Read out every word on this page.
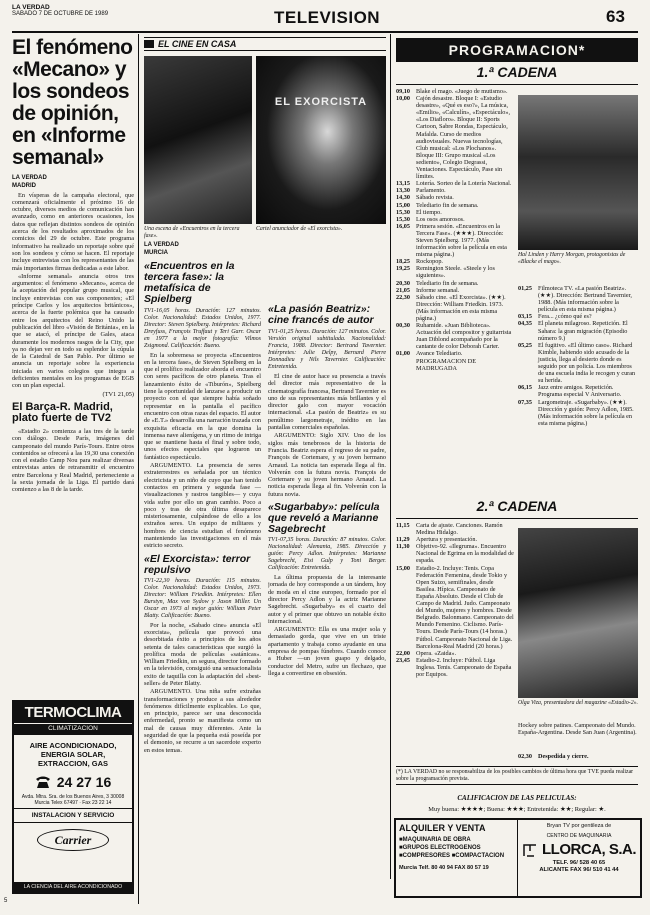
LA VERDAD
SABADO 7 DE OCTUBRE DE 1989	TELEVISION	63
El fenómeno «Mecano» y los sondeos de opinión, en «Informe semanal»
LA VERDAD
MADRID

En vísperas de la campaña electoral, que comenzará oficialmente el próximo 16 de octubre, diversos medios de comunicación han avanzado, como en anteriores ocasiones, los datos que reflejan distintos sondeos de opinión acerca de los resultados aproximados de los comicios del 29 de octubre. Este programa informativo ha realizado un reportaje sobre qué son los sondeos y cómo se hacen. El reportaje incluye entrevistas con los representantes de las más importantes firmas dedicadas a este labor.

«Informe semanal» anuncia otros tres argumentos: el fenómeno «Mecano», acerca de la aceptación del popular grupo musical, que incluye entrevistas con sus componentes; «El príncipe Carlos y los arquitectos británicos», acerca de la fuerte polémica que ha causado entre los arquitectos del Reino Unido la publicación del libro «Visión de Británia», en la que se atacó, el príncipe de Gales, ataca duramente los modernos rasgos de la City, que ya no dejan ver en todo su esplendor la cúpula de la Catedral de San Pablo. Por último se anuncia un reportaje sobre la experiencia iniciada en varios colegios que integra a deficientes mentales en los programas de EGB con un plan especial.

(TV1 21,05)
El Barça-R. Madrid, plato fuerte de TV2

«Estadio 2» comienza a las tres de la tarde con diálogo. Desde París, imágenes del campeonato del mundo París-Tours. Entre otros contenidos se ofrecerá a las 19,30 una conexión con el estadio Camp Nou para realizar diversas entrevistas antes de retransmitir el encuentro entre Barcelona y Real Madrid, perteneciente a la sexta jornada de la Liga. El partido dará comienzo a las 8 de la tarde.

TERMOCLIMA
CLIMATIZACION
AIRE ACONDICIONADO, ENERGIA SOLAR, EXTRACCION, GAS
24 27 16
Avda. Mtra. Sra. de los Buenos Aires, 3 30008 Murcia Telex 67497 · Fax 23 22 14
INSTALACION Y SERVICIO
Carrier
LA CIENCIA DEL AIRE ACONDICIONADO
EL CINE EN CASA
EL EXORCISTA
Una escena de «Encuentros en la tercera fase».
Cartel anunciador de «El exorcista».
LA VERDAD
MURCIA
«Encuentros en la tercera fase»: la metafísica de Spielberg
TV1-16,05 horas. Duración: 127 minutos. Color. Nacionalidad: Estados Unidos, 1977. Director: Steven Spielberg. Intérpretes: Richard Dreyfuss, François Truffaut y Teri Garr. Oscar en 1977 a la mejor fotografía: Vilmos Zsigmond. Calificación: Bueno.

En la sobremesa se proyecta «Encuentros en la tercera fase», de Steven Spielberg en la que el prolífico realizador aborda el encuentro con seres pacíficos de otro planeta. Tras el lanzamiento éxito de «Tiburón», Spielberg tiene la oportunidad de lanzarse a producir un proyecto con el que siempre había soñado representar en la pantalla el pacífico encuentro con otras razas del espacio. El autor de «E.T.» desarrolla una narración trazada con exquisita eficacia en la que domina la inmensa nave alienígena, y un ritmo de intriga que se mantiene hasta el final y sobre todo, unos efectos especiales que lograron un fantástico espectáculo.

ARGUMENTO. La presencia de seres extraterrestres es señalada por un técnico electricista y un niño de cuyo que han tenido contactos en primera y segunda fase —visualizaciones y rastros tangibles— y cuya vida sufre por ello un gran cambio. Poco a poco y tras de otra última desaparece misteriosamente, culpándose de ello a los extraños seres. Un equipo de militares y hombres de ciencia estudian el fenómeno manteniendo las investigaciones en el más estricto secreto.

«El Exorcista»: terror repulsivo
TV1-22,30 horas. Duración: 115 minutos. Color. Nacionalidad: Estados Unidos, 1973. Director: William Friedkin. Intérpretes: Ellen Burstyn, Max von Sydow y Jason Miller. Un Oscar en 1973 al mejor guión: William Peter Blatty. Calificación: Bueno.

Por la noche, «Sabado cine» anuncia «El exorcista», película que provocó una desorbitada éxito a principios de los años setenta de tales características que surgió la prolífica moda de películas «satánicas». William Friedkin, un segura, director formado en la televisión, consiguió una sensacionalista exito de taquilla con la adaptación del «best-seller» de Peter Blatty.

ARGUMENTO. Una niña sufre extrañas transformaciones y produce a sus alrededor fenómenos difícilmente explicables. Lo que, en principio, parece ser una desconocida enfermedad, pronto se manifiesta como un mal de causas muy diferentes. Ante la seguridad de que la pequeña está poseída por el demonio, se recurre a un sacerdote experto en estos temas.

«La pasión Beatriz»: cine francés de autor
TV1-01,25 horas. Duración: 127 minutos. Color. Versión original subtitulada. Nacionalidad: Francia, 1988. Director: Bertrand Tavernier. Intérpretes: Julie Delpy, Bernard Pierre Donnadieu y Nils Tavernier. Calificación: Entretenida.

El cine de autor hace su presencia a través del director más representativo de la cinematografía francesa, Bertrand Tavernier es uno de sus representantes más brillantes y el director galo con mayor vocación internacional. «La pasión de Beatriz» es su penúltimo largometraje, inédito en las pantallas comerciales españolas.

ARGUMENTO: Siglo XIV. Uno de los siglos más tenebrosos de la historia de Francia. Beatriz espera el regreso de su padre, François de Cortemare, y su joven hermano Arnaud. La noticia tan esperada llega al fin. Volverán con la futura novia. François de Cortemare y su joven hermano Arnaud. La noticia esperada llega al fin. Volverán con la futura novia.

«Sugarbaby»: película que reveló a Marianne Sagebrecht
TV1-07,35 horas. Duración: 87 minutos. Color. Nacionalidad: Alemania, 1985. Dirección y guión: Percy Adlon. Intérpretes: Marianne Sagebrecht, Eisi Gulp y Toni Berger. Calificación: Entretenida.

La última propuesta de la interesante jornada de hoy corresponde a un tándem, hoy de moda en el cine europeo, formado por el director Percy Adlon y la actriz Marianne Sagebrecht. «Sugarbaby» es el cuarto del autor y el primer que obtuvo un notable éxito internacional.

ARGUMENTO: Ella es una mujer sola y demasiado gorda, que vive en un triste apartamento y trabaja como ayudante en una empresa de pompas fúnebres. Cuando conoce a Huber —un joven guapo y delgado, conductor del Metro, sufre un flechazo, que llega a convertirse en obsesión.

PROGRAMACION*
1.ª CADENA
09,10 Blake el mago. «Juego de mutismo».
10,00 Cajón desastre. Bloque I: «Estudio desastre», «Qué es eso?», La música, «Emilio», «Calculín», «Espectáculo», «Los Diafloro». Bloque II: Sports Cartoon, Sabre Rondas, Espectáculo, Mafalda. Curso de medios audiovisuales. Nuevas tecnologías, Club musical: «Los Plochanos». Bloque III: Grupo musical «Los sediento», Colegio Degrassi, Ventaciones. Espectáculo, Pase sin límites.
13,15 Lotería. Sorteo de la Lotería Nacional.
13,30 Parlamento.
14,30 Sábado revista.
15,00 Telediario fin de semana.
15,30 El tiempo.
15,30 Los osos amorosos.
16,05 Primera sesión. «Encuentros en la Tercera Fase». (★★★). Dirección: Steven Spielberg. 1977. (Más información sobre la película en esta misma página.)
18,25 Rockopop.
19,25 Remington Steele. «Steele y los siguientes».
20,30 Telediario fin de semana.
21,05 Informe semanal.
22,30 Sábado cine. «El Exorcista». (★★). Dirección: William Friedkin. 1973. (Más información en esta misma página.)
00,30 Ruhamide. «Juan Biblioteca». Actuación del compositor y guitarrista Juan Diblond acompañado por la cantante de color Deborah Carter.
01,00 Avance Telediario. PROGRAMACION DE MADRUGADA
Hal Linden y Harry Morgan, protagonistas de «Blacke el mago».
01,25 Filmoteca TV. «La pasión Beatriz». (★★). Dirección: Bertrand Tavernier, 1988. (Más información sobre la película en esta misma página.)
03,15 Fera... ¿cómo qué es?
04,35 El planeta milagroso. Repetición. El Sahara: la gran migración (Episodio número 9.)
05,25 El fugitivo. «El último caso». Richard Kimble, habiendo sido acusado de la justicia, llega al desierto donde es seguido por un policía. Los miembros de una escuela india le recogen y curan su herida.
06,15 Jazz entre amigos. Repetición. Programa especial V Aniversario.
07,35 Largometraje. «Sugarbaby». (★★). Dirección y guión: Percy Adlon, 1985. (Más información sobre la película en esta misma página.)
2.ª CADENA
11,15	Carta de ajuste. Canciones. Ramón Medina Hidalgo.
11,29	Apertura y presentación.
11,30	Objetivo-92. «Ilegruma». Encuentro Nacional de Egrima en la modalidad de espada.
15,00 Estadio-2. Incluye: Tenis. Copa Federación Femenina, desde Tokio y Open Suizo, semifinales, desde Basilea. Hípica. Campeonato de España Absoluto. Desde el Club de Campo de Madrid. Judo. Campeonato del Mundo, mujeres y hombres. Desde Belgrado. Balonmano. Campeonato del Mundo Femenino. Ciclismo. París-Tours. Desde París-Tours (14 horas.) Fútbol. Campeonato Nacional de Liga. Barcelona-Real Madrid (20 horas.)
22,00 Opera. «Zaida».
23,45 Estadio-2. Incluye: Fútbol. Liga Inglesa. Tenis. Campeonato de España por Equipos.
Olga Viza, presentadora del magazine «Estadio-2».
Hockey sobre patines. Campeonato del Mundo. España-Argentina. Desde San Juan (Argentina).
02,30 Despedida y cierre.
(*) LA VERDAD no se responsabiliza de los posibles cambios de última hora que TVE pueda realizar sobre la programación prevista.
CALIFICACION DE LAS PELICULAS:
Muy buena: ★★★★; Buena: ★★★; Entretenida: ★★; Regular: ★.
ALQUILER Y VENTA
■MAQUINARIA DE OBRA
■GRUPOS ELECTROGENOS
■COMPRESORES ■COMPACTACION
Murcia Telf. 80 40 94 FAX 80 57 19
Bryan TV por gentileza de
CENTRO DE MAQUINARIA
LLORCA, S.A.
TELF. 96/ 528 40 65
ALICANTE FAX 96/ 510 41 44
5
